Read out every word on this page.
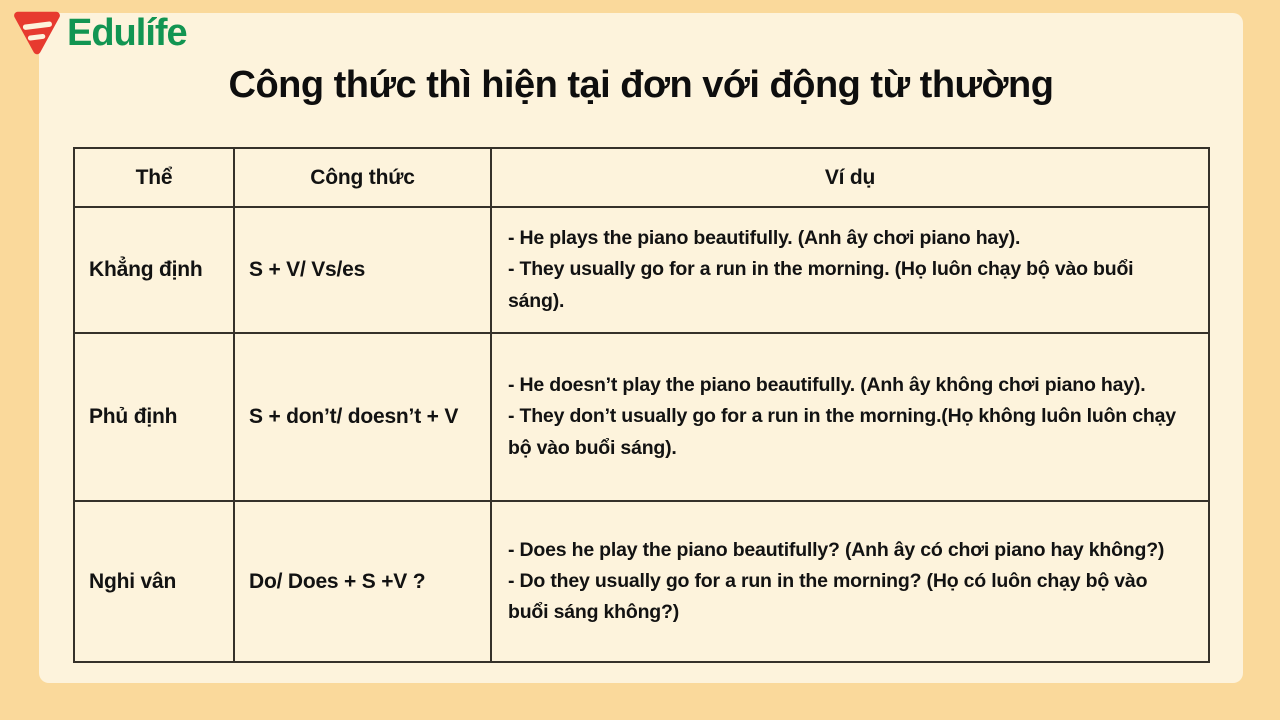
Edulífe
Công thức thì hiện tại đơn với động từ thường
Thể	Công thức	Ví dụ
Khẳng định	S + V/ Vs/es
- He plays the piano beautifully. (Anh ây chơi piano hay).
- They usually go for a run in the morning. (Họ luôn chạy bộ vào buổi sáng).
Phủ định	S + don’t/ doesn’t + V
- He doesn’t play the piano beautifully. (Anh ây không chơi piano hay).
- They don’t usually go for a run in the morning.(Họ không luôn luôn chạy bộ vào buổi sáng).
Nghi vân	Do/ Does + S +V ?
- Does he play the piano beautifully? (Anh ây có chơi piano hay không?)
- Do they usually go for a run in the morning? (Họ có luôn chạy bộ vào buổi sáng không?)
